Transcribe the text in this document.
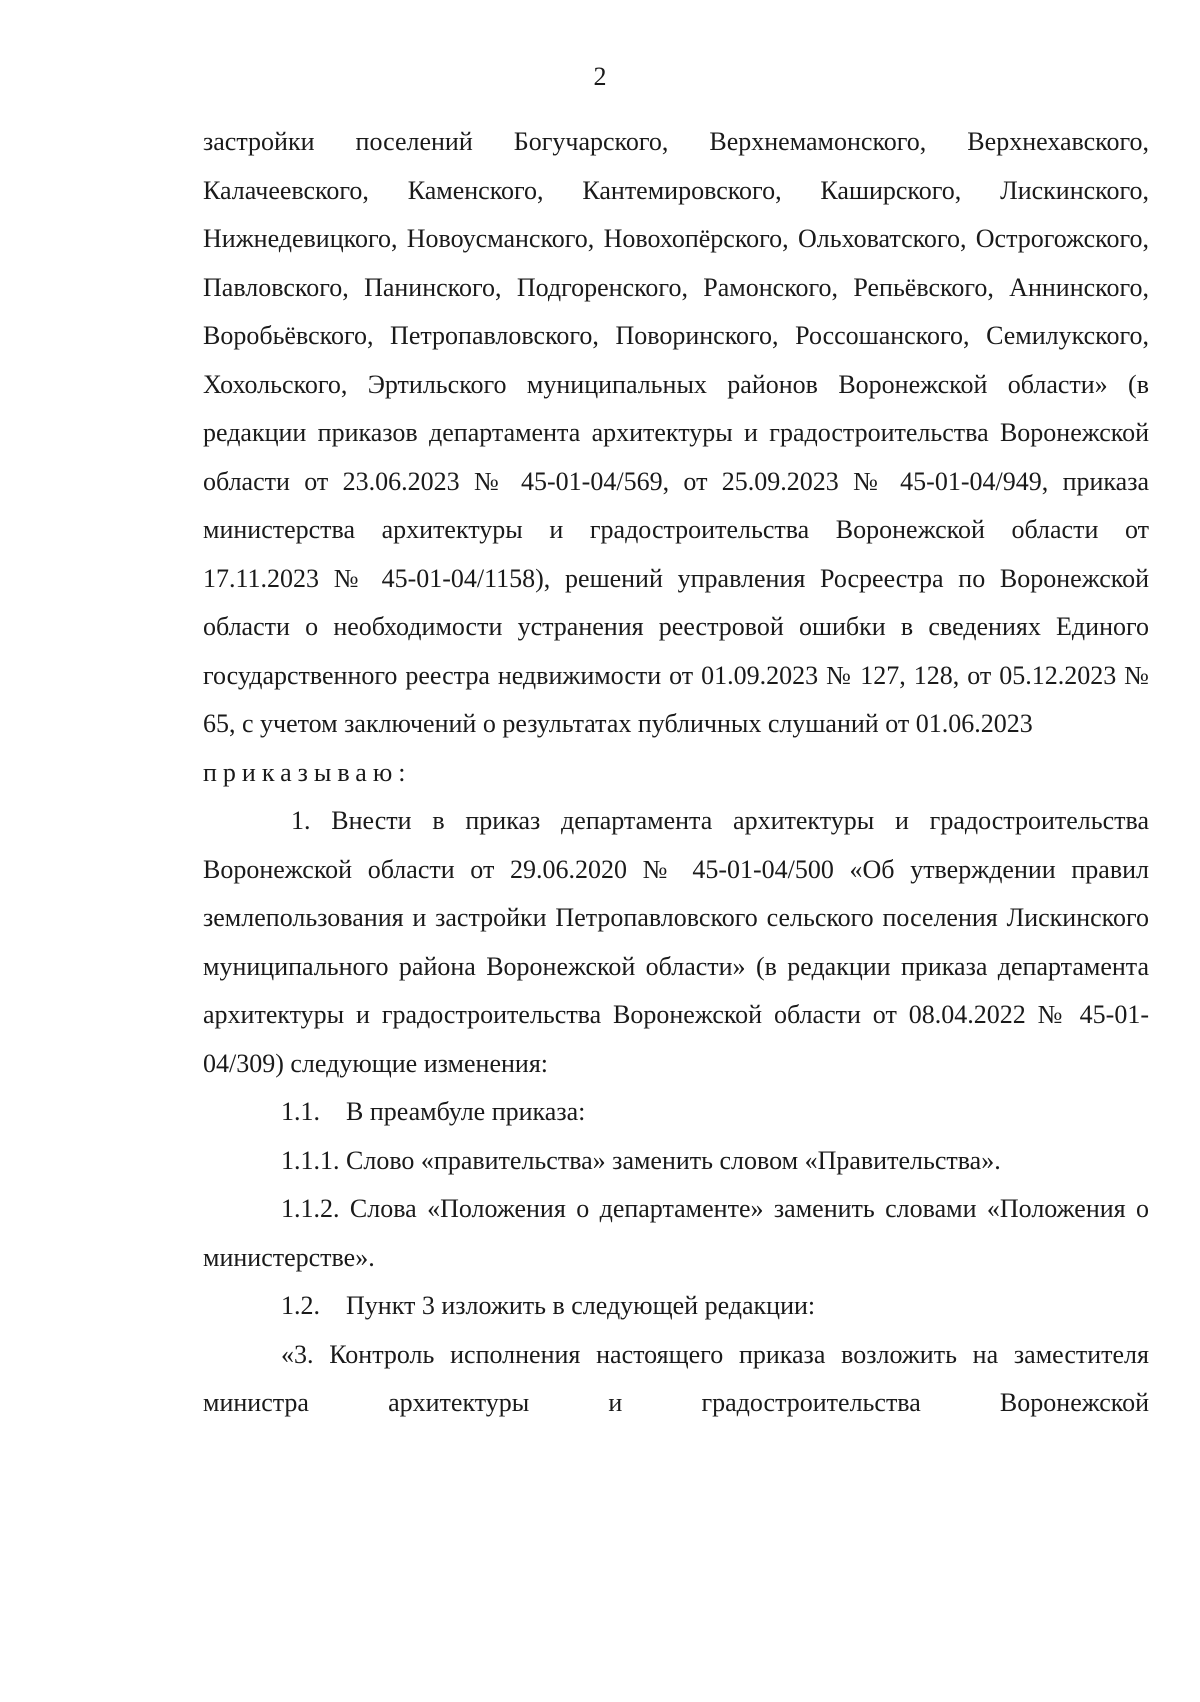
2

застройки поселений Богучарского, Верхнемамонского, Верхнехавского, Калачеевского, Каменского, Кантемировского, Каширского, Лискинского, Нижнедевицкого, Новоусманского, Новохопёрского, Ольховатского, Острогожского, Павловского, Панинского, Подгоренского, Рамонского, Репьёвского, Аннинского, Воробьёвского, Петропавловского, Поворинского, Россошанского, Семилукского, Хохольского, Эртильского муниципальных районов Воронежской области» (в редакции приказов департамента архитектуры и градостроительства Воронежской области от 23.06.2023 № 45-01-04/569, от 25.09.2023 № 45-01-04/949, приказа министерства архитектуры и градостроительства Воронежской области от 17.11.2023 № 45-01-04/1158), решений управления Росреестра по Воронежской области о необходимости устранения реестровой ошибки в сведениях Единого государственного реестра недвижимости от 01.09.2023 № 127, 128, от 05.12.2023 № 65, с учетом заключений о результатах публичных слушаний от 01.06.2023

приказываю:

1. Внести в приказ департамента архитектуры и градостроительства Воронежской области от 29.06.2020 № 45-01-04/500 «Об утверждении правил землепользования и застройки Петропавловского сельского поселения Лискинского муниципального района Воронежской области» (в редакции приказа департамента архитектуры и градостроительства Воронежской области от 08.04.2022 № 45-01-04/309) следующие изменения:

1.1.    В преамбуле приказа:

1.1.1. Слово «правительства» заменить словом «Правительства».

1.1.2. Слова «Положения о департаменте» заменить словами «Положения о министерстве».

1.2.    Пункт 3 изложить в следующей редакции:

«3. Контроль исполнения настоящего приказа возложить на заместителя министра архитектуры и градостроительства Воронежской
